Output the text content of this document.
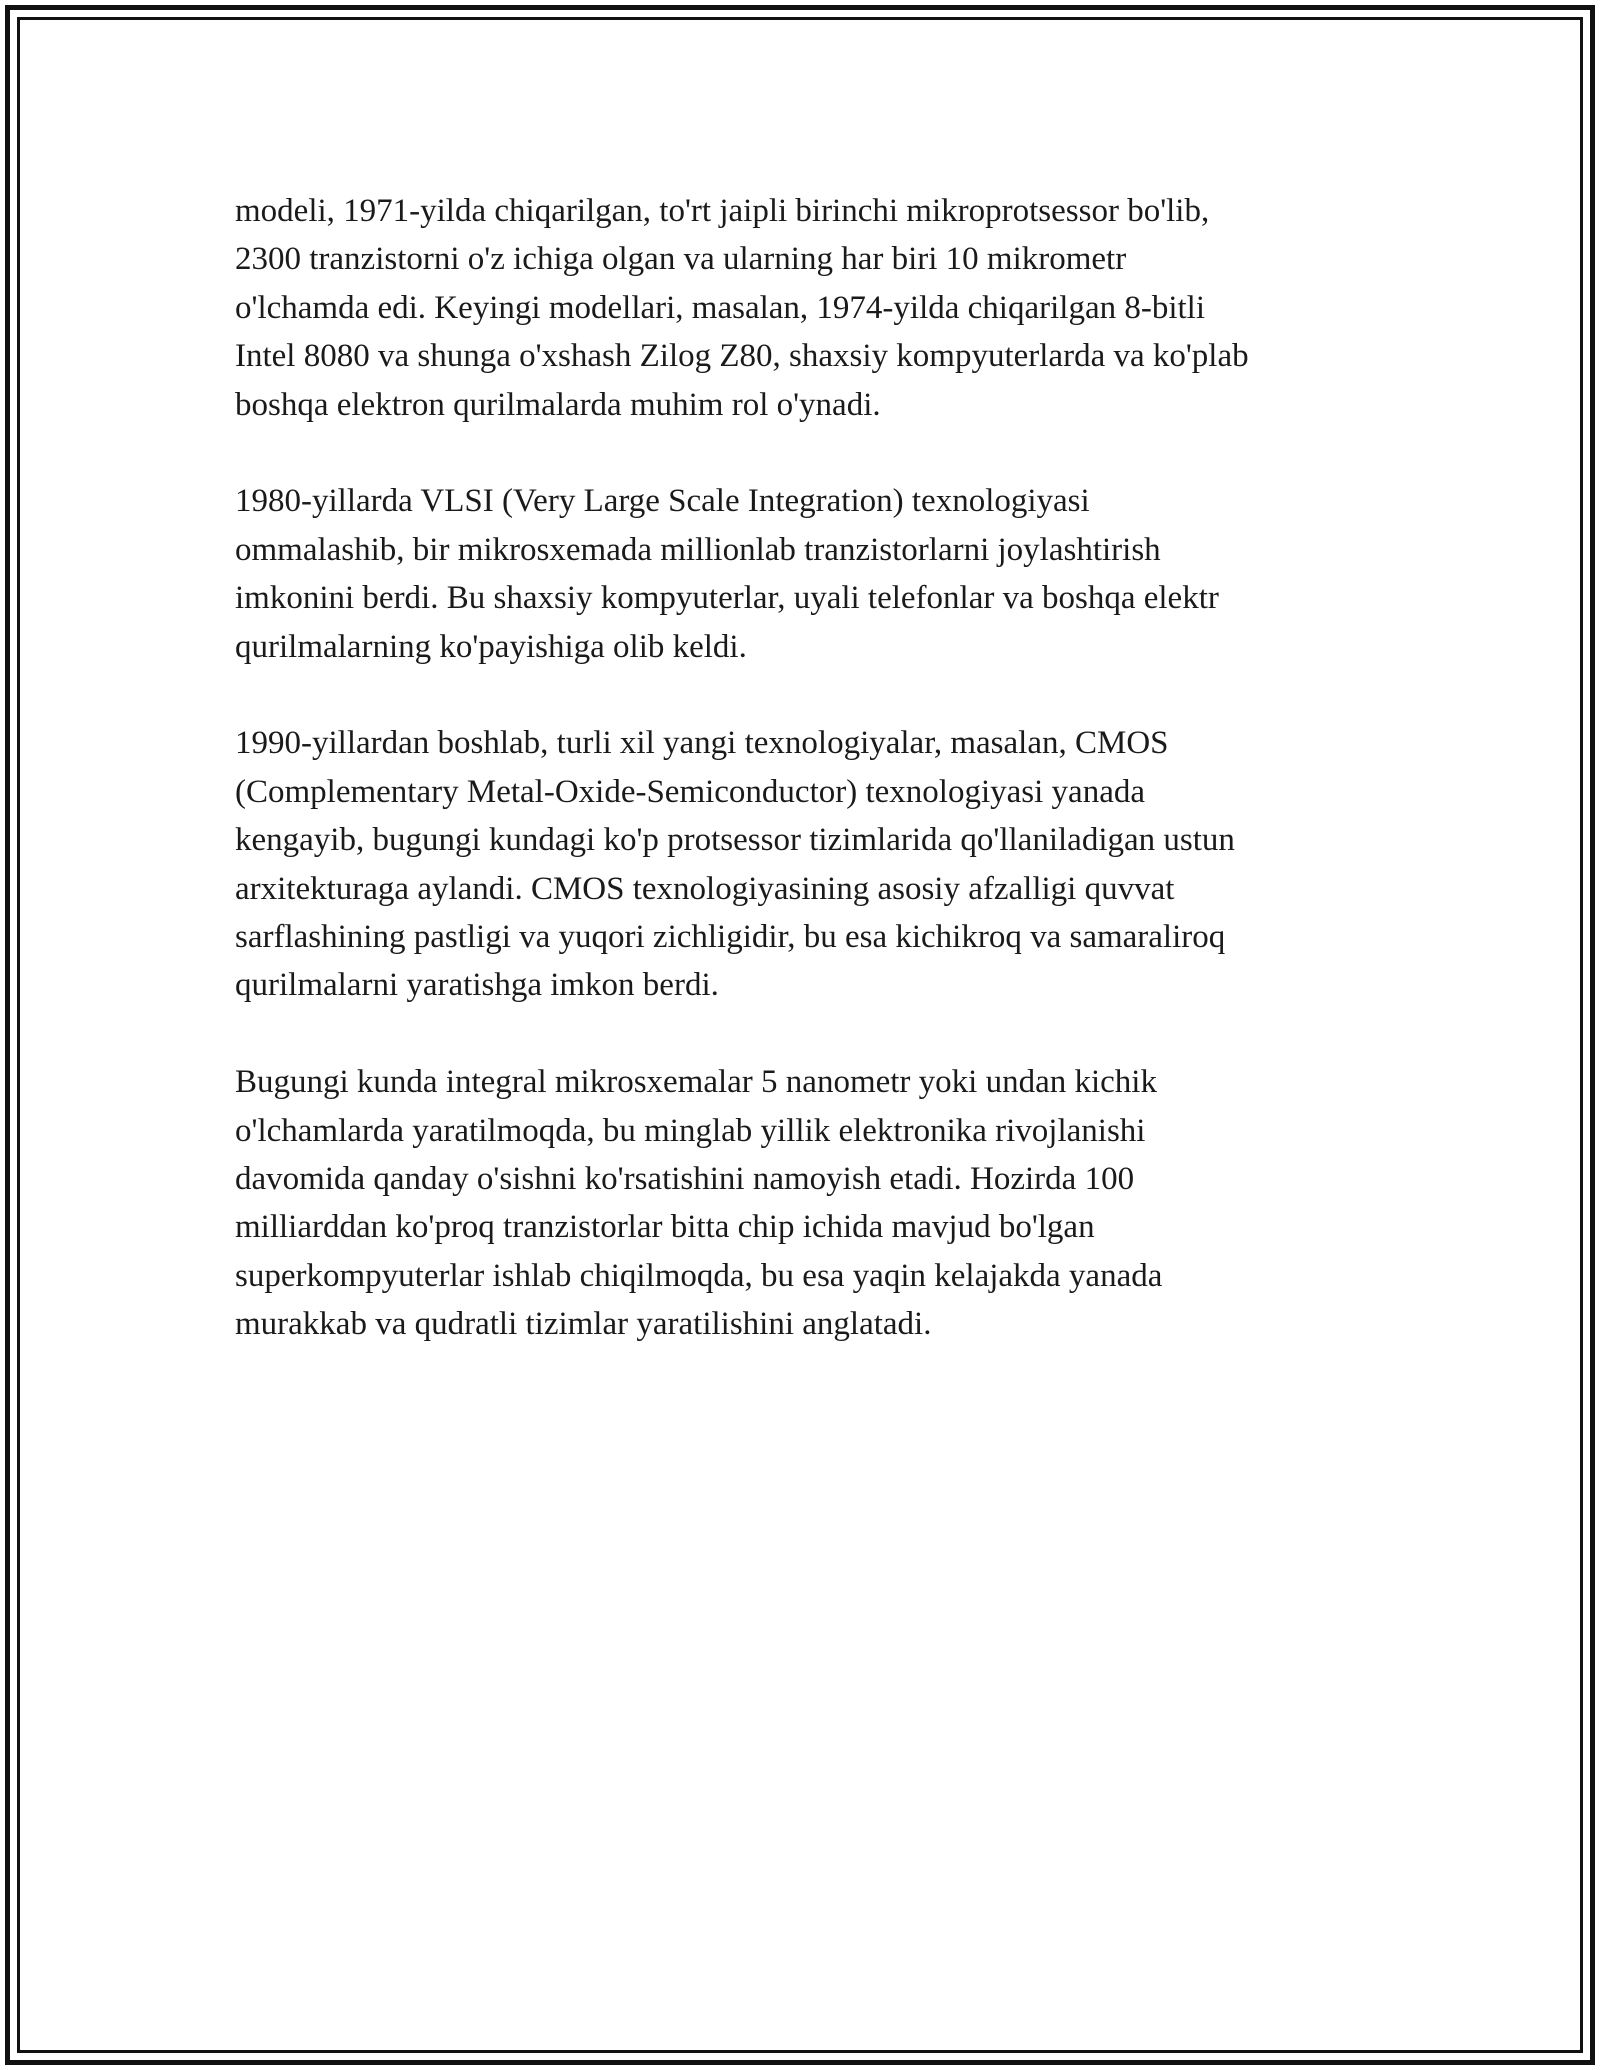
modeli, 1971-yilda chiqarilgan, to'rt jaipli birinchi mikroprotsessor bo'lib,
2300 tranzistorni o'z ichiga olgan va ularning har biri 10 mikrometr
o'lchamda edi. Keyingi modellari, masalan, 1974-yilda chiqarilgan 8-bitli
Intel 8080 va shunga o'xshash Zilog Z80, shaxsiy kompyuterlarda va ko'plab
boshqa elektron qurilmalarda muhim rol o'ynadi.

1980-yillarda VLSI (Very Large Scale Integration) texnologiyasi
ommalashib, bir mikrosxemada millionlab tranzistorlarni joylashtirish
imkonini berdi. Bu shaxsiy kompyuterlar, uyali telefonlar va boshqa elektr
qurilmalarning ko'payishiga olib keldi.

1990-yillardan boshlab, turli xil yangi texnologiyalar, masalan, CMOS
(Complementary Metal-Oxide-Semiconductor) texnologiyasi yanada
kengayib, bugungi kundagi ko'p protsessor tizimlarida qo'llaniladigan ustun
arxitekturaga aylandi. CMOS texnologiyasining asosiy afzalligi quvvat
sarflashining pastligi va yuqori zichligidir, bu esa kichikroq va samaraliroq
qurilmalarni yaratishga imkon berdi.

Bugungi kunda integral mikrosxemalar 5 nanometr yoki undan kichik
o'lchamlarda yaratilmoqda, bu minglab yillik elektronika rivojlanishi
davomida qanday o'sishni ko'rsatishini namoyish etadi. Hozirda 100
milliarddan ko'proq tranzistorlar bitta chip ichida mavjud bo'lgan
superkompyuterlar ishlab chiqilmoqda, bu esa yaqin kelajakda yanada
murakkab va qudratli tizimlar yaratilishini anglatadi.
